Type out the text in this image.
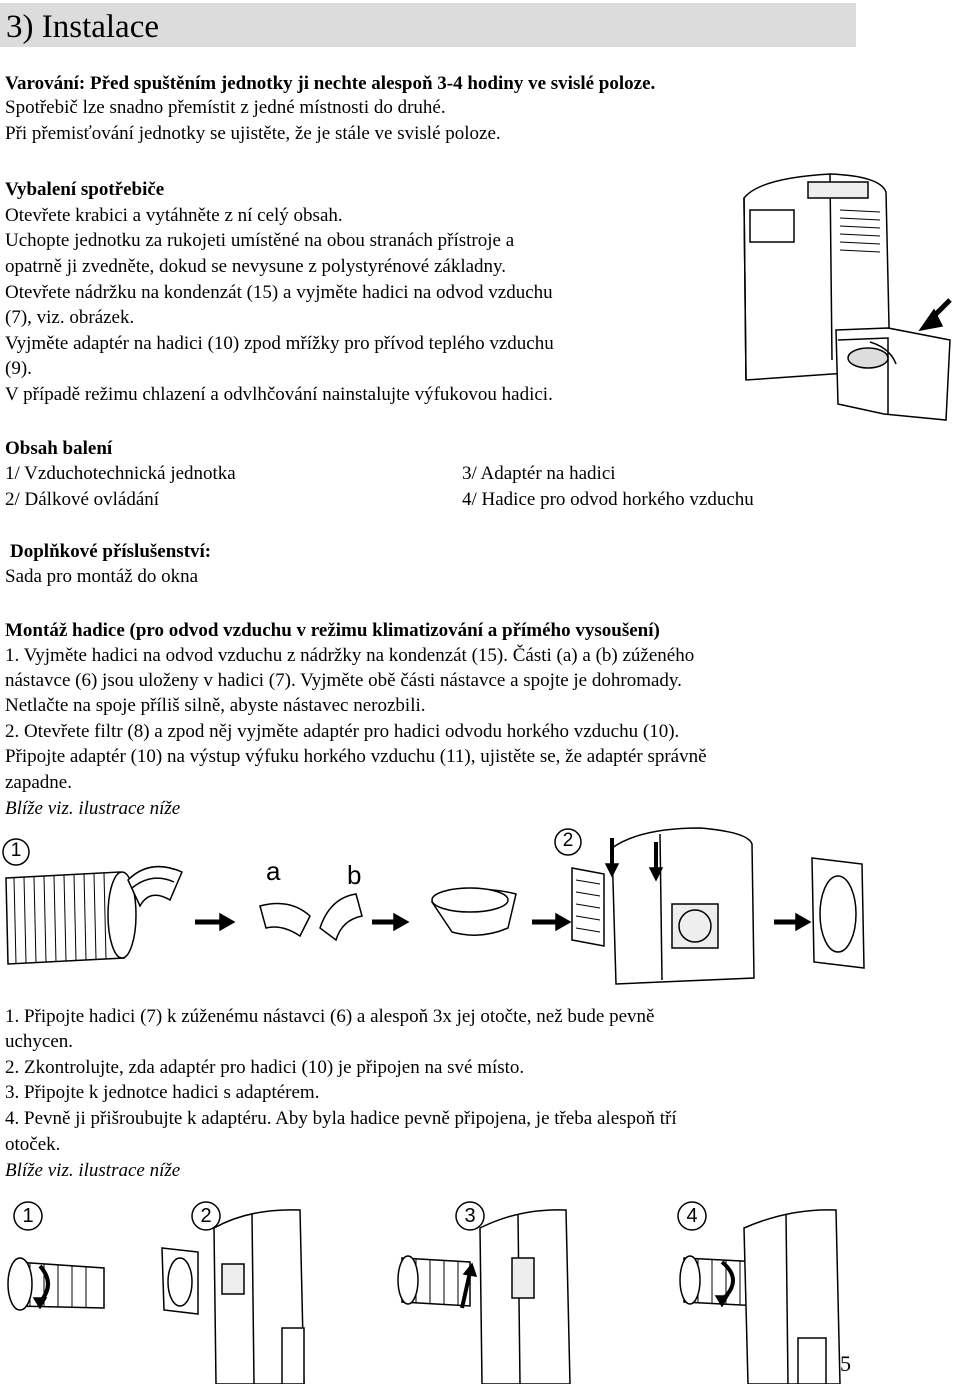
3) Instalace
Varování: Před spuštěním jednotky ji nechte alespoň 3-4 hodiny ve svislé poloze.
Spotřebič lze snadno přemístit z jedné místnosti do druhé.
Při přemisťování jednotky se ujistěte, že je stále ve svislé poloze.
Vybalení spotřebiče
Otevřete krabici a vytáhněte z ní celý obsah.
Uchopte jednotku za rukojeti umístěné na obou stranách přístroje a
opatrně ji zvedněte, dokud se nevysune z polystyrénové základny.
Otevřete nádržku na kondenzát (15) a vyjměte hadici na odvod vzduchu
(7), viz. obrázek.
Vyjměte adaptér na hadici (10) zpod mřížky pro přívod teplého vzduchu
(9).
V případě režimu chlazení a odvlhčování nainstalujte výfukovou hadici.
Obsah balení
1/ Vzduchotechnická jednotka
2/ Dálkové ovládání
3/ Adaptér na hadici
4/ Hadice pro odvod horkého vzduchu
Doplňkové příslušenství:
Sada pro montáž do okna
Montáž hadice (pro odvod vzduchu v režimu klimatizování a přímého vysoušení)
1. Vyjměte hadici na odvod vzduchu z nádržky na kondenzát (15). Části (a) a (b) zúženého
nástavce (6) jsou uloženy v hadici (7). Vyjměte obě části nástavce a spojte je dohromady.
Netlačte na spoje příliš silně, abyste nástavec nerozbili.
2. Otevřete filtr (8) a zpod něj vyjměte adaptér pro hadici odvodu horkého vzduchu (10).
Připojte adaptér (10) na výstup výfuku horkého vzduchu (11), ujistěte se, že adaptér správně
zapadne.
Blíže viz. ilustrace níže
1
a	b
2
1. Připojte hadici (7) k zúženému nástavci (6) a alespoň 3x jej otočte, než bude pevně
uchycen.
2. Zkontrolujte, zda adaptér pro hadici (10) je připojen na své místo.
3. Připojte k jednotce hadici s adaptérem.
4. Pevně ji přišroubujte k adaptéru. Aby byla hadice pevně připojena, je třeba alespoň tří
otoček.
Blíže viz. ilustrace níže
1	2	3	4
5
